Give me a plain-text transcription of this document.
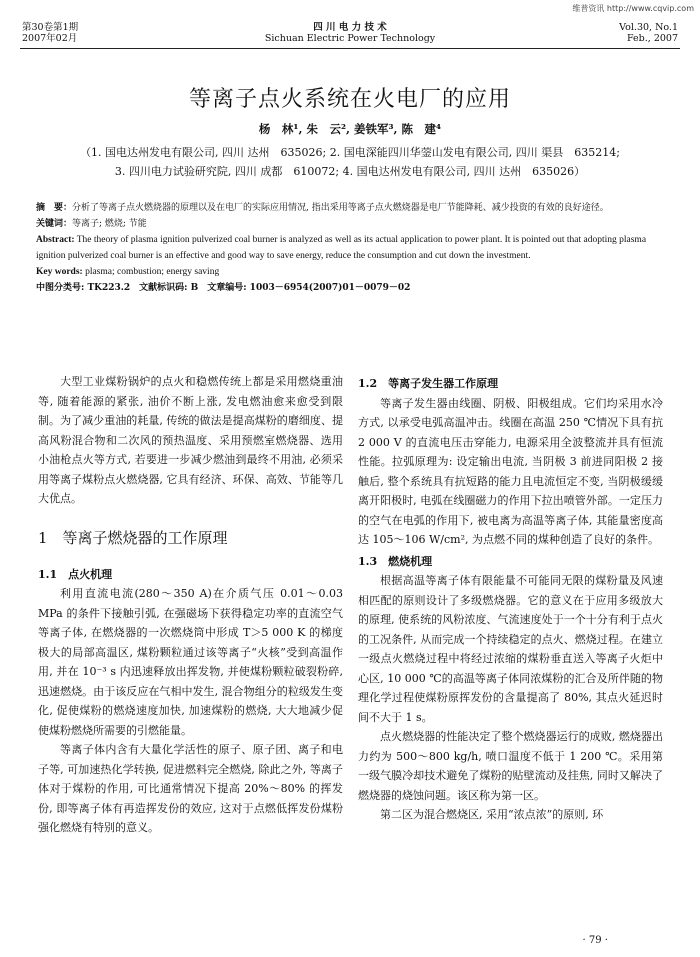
维普资讯 http://www.cqvip.com
第30卷第1期
2007年02月
四 川 电 力 技 术
Sichuan Electric Power Technology
Vol.30, No.1
Feb., 2007
等离子点火系统在火电厂的应用
杨　林¹, 朱　云², 姜铁军³, 陈　建⁴
（1. 国电达州发电有限公司, 四川 达州　635026; 2. 国电深能四川华蓥山发电有限公司, 四川 渠县　635214;
3. 四川电力试验研究院, 四川 成都　610072; 4. 国电达州发电有限公司, 四川 达州　635026）
摘　要：分析了等离子点火燃烧器的原理以及在电厂的实际应用情况, 指出采用等离子点火燃烧器是电厂节能降耗、减少投资的有效的良好途径。
关键词：等离子; 燃烧; 节能
Abstract: The theory of plasma ignition pulverized coal burner is analyzed as well as its actual application to power plant. It is pointed out that adopting plasma ignition pulverized coal burner is an effective and good way to save energy, reduce the consumption and cut down the investment.
Key words: plasma; combustion; energy saving
中图分类号: TK223.2　文献标识码: B　文章编号: 1003－6954(2007)01－0079－02

大型工业煤粉锅炉的点火和稳燃传统上都是采用燃烧重油等, 随着能源的紧张, 油价不断上涨, 发电燃油愈来愈受到限制。为了减少重油的耗量, 传统的做法是提高煤粉的磨细度、提高风粉混合物和二次风的预热温度、采用预燃室燃烧器、选用小油枪点火等方式, 若要进一步减少燃油到最终不用油, 必须采用等离子煤粉点火燃烧器, 它具有经济、环保、高效、节能等几大优点。

1　等离子燃烧器的工作原理
1.1　点火机理

利用直流电流(280～350 A)在介质气压 0.01～0.03 MPa 的条件下接触引弧, 在强磁场下获得稳定功率的直流空气等离子体, 在燃烧器的一次燃烧筒中形成 T＞5 000 K 的梯度极大的局部高温区, 煤粉颗粒通过该等离子“火核”受到高温作用, 并在 10⁻³ s 内迅速释放出挥发物, 并使煤粉颗粒破裂粉碎, 迅速燃烧。由于该反应在气相中发生, 混合物组分的粒级发生变化, 促使煤粉的燃烧速度加快, 加速煤粉的燃烧, 大大地减少促使煤粉燃烧所需要的引燃能量。

等离子体内含有大量化学活性的原子、原子团、离子和电子等, 可加速热化学转换, 促进燃料完全燃烧, 除此之外, 等离子体对于煤粉的作用, 可比通常情况下提高 20%～80% 的挥发份, 即等离子体有再造挥发份的效应, 这对于点燃低挥发份煤粉强化燃烧有特别的意义。

1.2　等离子发生器工作原理

等离子发生器由线圈、阴极、阳极组成。它们均采用水冷方式, 以承受电弧高温冲击。线圈在高温 250 ℃情况下具有抗 2 000 V 的直流电压击穿能力, 电源采用全波整流并具有恒流性能。拉弧原理为: 设定输出电流, 当阴极 3 前进同阳极 2 接触后, 整个系统具有抗短路的能力且电流恒定不变, 当阴极缓缓离开阳极时, 电弧在线圈磁力的作用下拉出喷管外部。一定压力的空气在电弧的作用下, 被电离为高温等离子体, 其能量密度高达 105～106 W/cm², 为点燃不同的煤种创造了良好的条件。

1.3　燃烧机理

根据高温等离子体有限能量不可能同无限的煤粉量及风速相匹配的原则设计了多级燃烧器。它的意义在于应用多级放大的原理, 使系统的风粉浓度、气流速度处于一个十分有利于点火的工况条件, 从而完成一个持续稳定的点火、燃烧过程。在建立一级点火燃烧过程中将经过浓缩的煤粉垂直送入等离子火炬中心区, 10 000 ℃的高温等离子体同浓煤粉的汇合及所伴随的物理化学过程使煤粉原挥发份的含量提高了 80%, 其点火延迟时间不大于 1 s。

点火燃烧器的性能决定了整个燃烧器运行的成败, 燃烧器出力约为 500～800 kg/h, 喷口温度不低于 1 200 ℃。采用第一级气膜冷却技术避免了煤粉的贴壁流动及挂焦, 同时又解决了燃烧器的烧蚀问题。该区称为第一区。

第二区为混合燃烧区, 采用“浓点浓”的原则, 环

· 79 ·
